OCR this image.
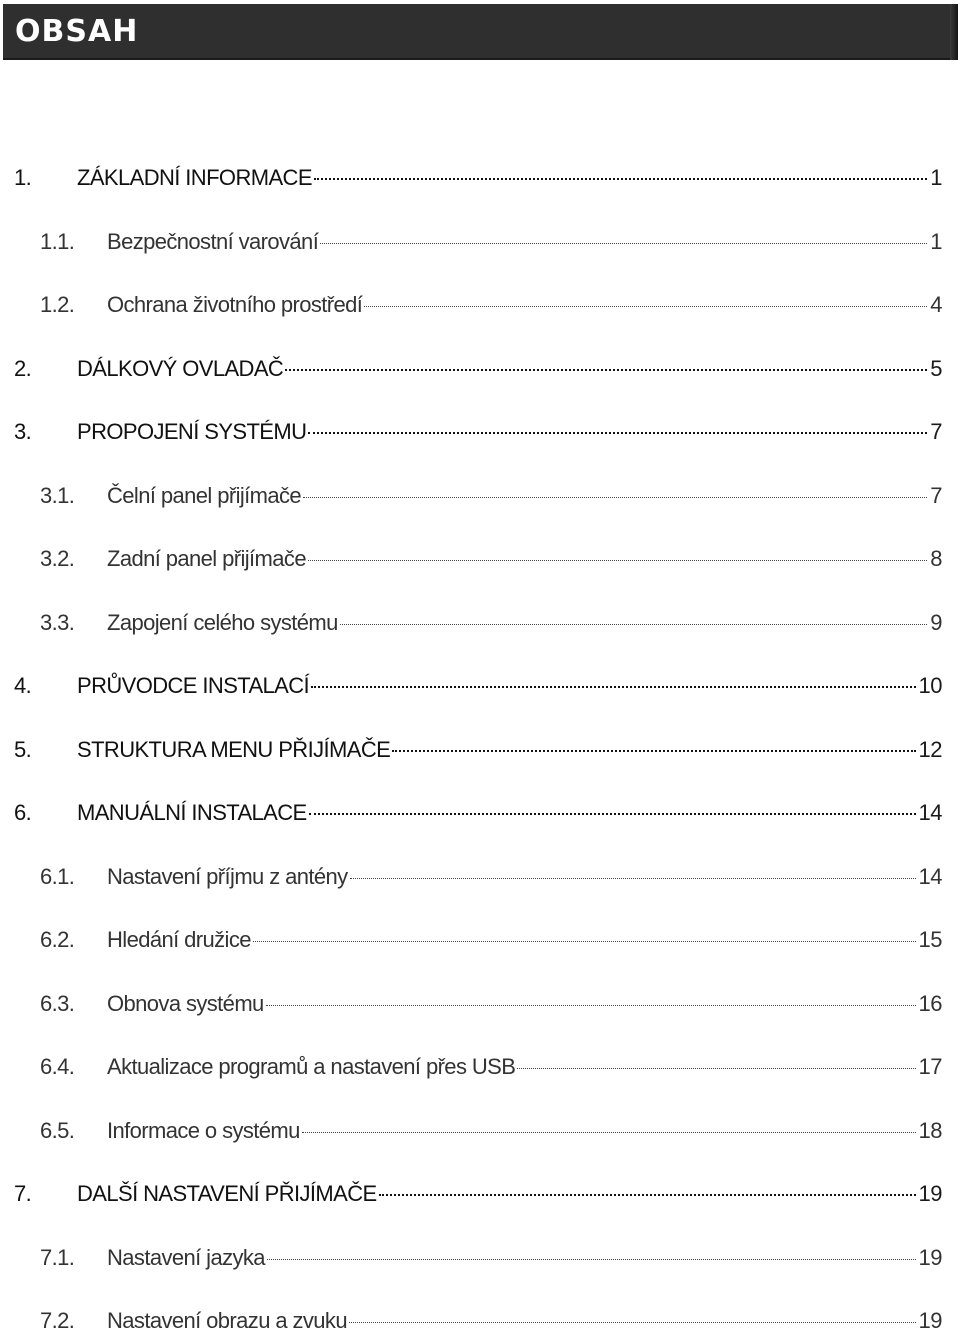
OBSAH
1. ZÁKLADNÍ INFORMACE	1
1.1. Bezpečnostní varování	1
1.2. Ochrana životního prostředí	4
2. DÁLKOVÝ OVLADAČ	5
3. PROPOJENÍ SYSTÉMU	7
3.1. Čelní panel přijímače	7
3.2. Zadní panel přijímače	8
3.3. Zapojení celého systému	9
4. PRŮVODCE INSTALACÍ	10
5. STRUKTURA MENU PŘIJÍMAČE	12
6. MANUÁLNÍ INSTALACE	14
6.1. Nastavení příjmu z antény	14
6.2. Hledání družice	15
6.3. Obnova systému	16
6.4. Aktualizace programů a nastavení přes USB	17
6.5. Informace o systému	18
7. DALŠÍ NASTAVENÍ PŘIJÍMAČE	19
7.1. Nastavení jazyka	19
7.2. Nastavení obrazu a zvuku	19
